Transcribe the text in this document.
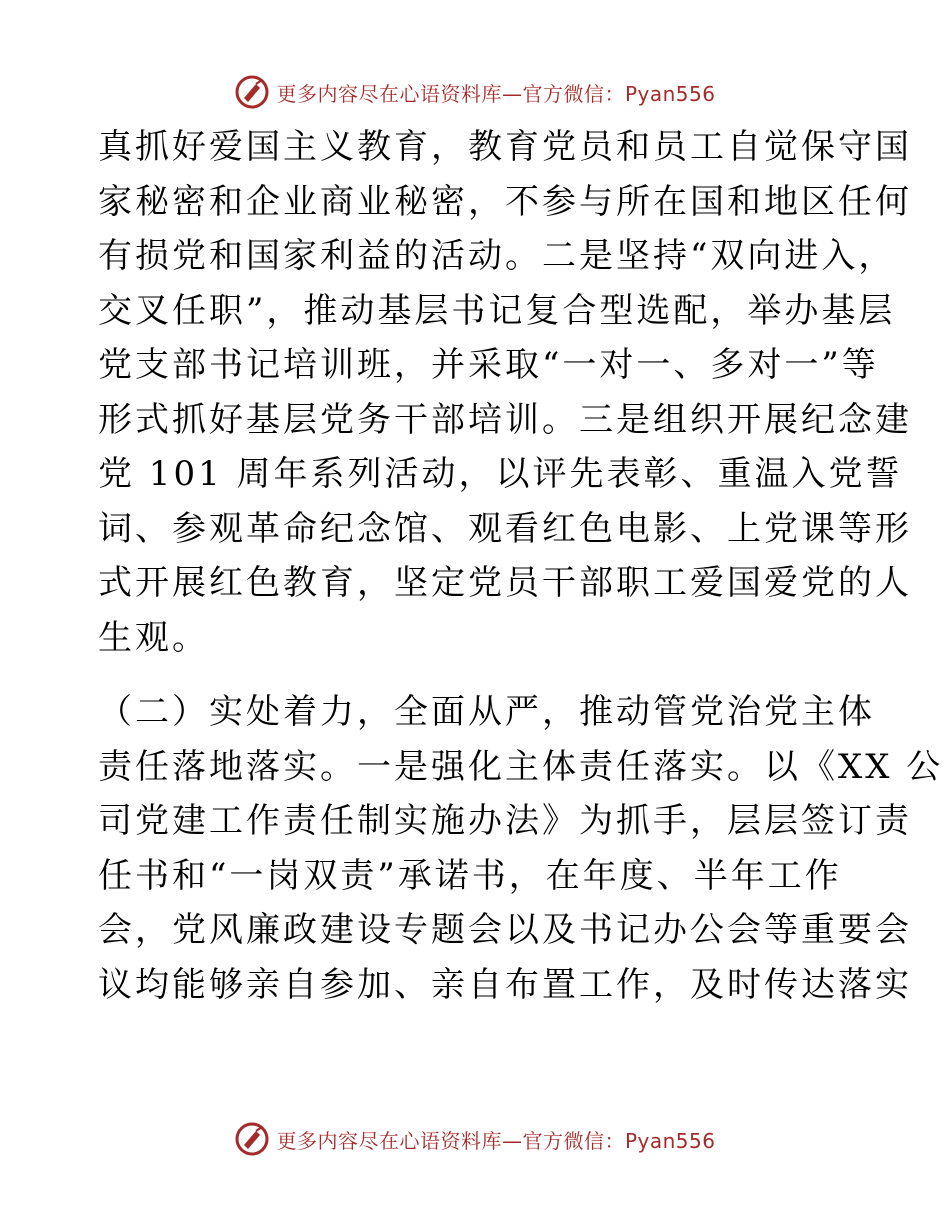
更多内容尽在心语资料库—官方微信：Pyan556
真抓好爱国主义教育，教育党员和员工自觉保守国
家秘密和企业商业秘密，不参与所在国和地区任何
有损党和国家利益的活动。二是坚持“双向进入，
交叉任职”，推动基层书记复合型选配，举办基层
党支部书记培训班，并采取“一对一、多对一”等
形式抓好基层党务干部培训。三是组织开展纪念建
党 101 周年系列活动，以评先表彰、重温入党誓
词、参观革命纪念馆、观看红色电影、上党课等形
式开展红色教育，坚定党员干部职工爱国爱党的人
生观。
（二）实处着力，全面从严，推动管党治党主体
责任落地落实。一是强化主体责任落实。以《XX 公
司党建工作责任制实施办法》为抓手，层层签订责
任书和“一岗双责”承诺书，在年度、半年工作
会，党风廉政建设专题会以及书记办公会等重要会
议均能够亲自参加、亲自布置工作，及时传达落实
更多内容尽在心语资料库—官方微信：Pyan556
